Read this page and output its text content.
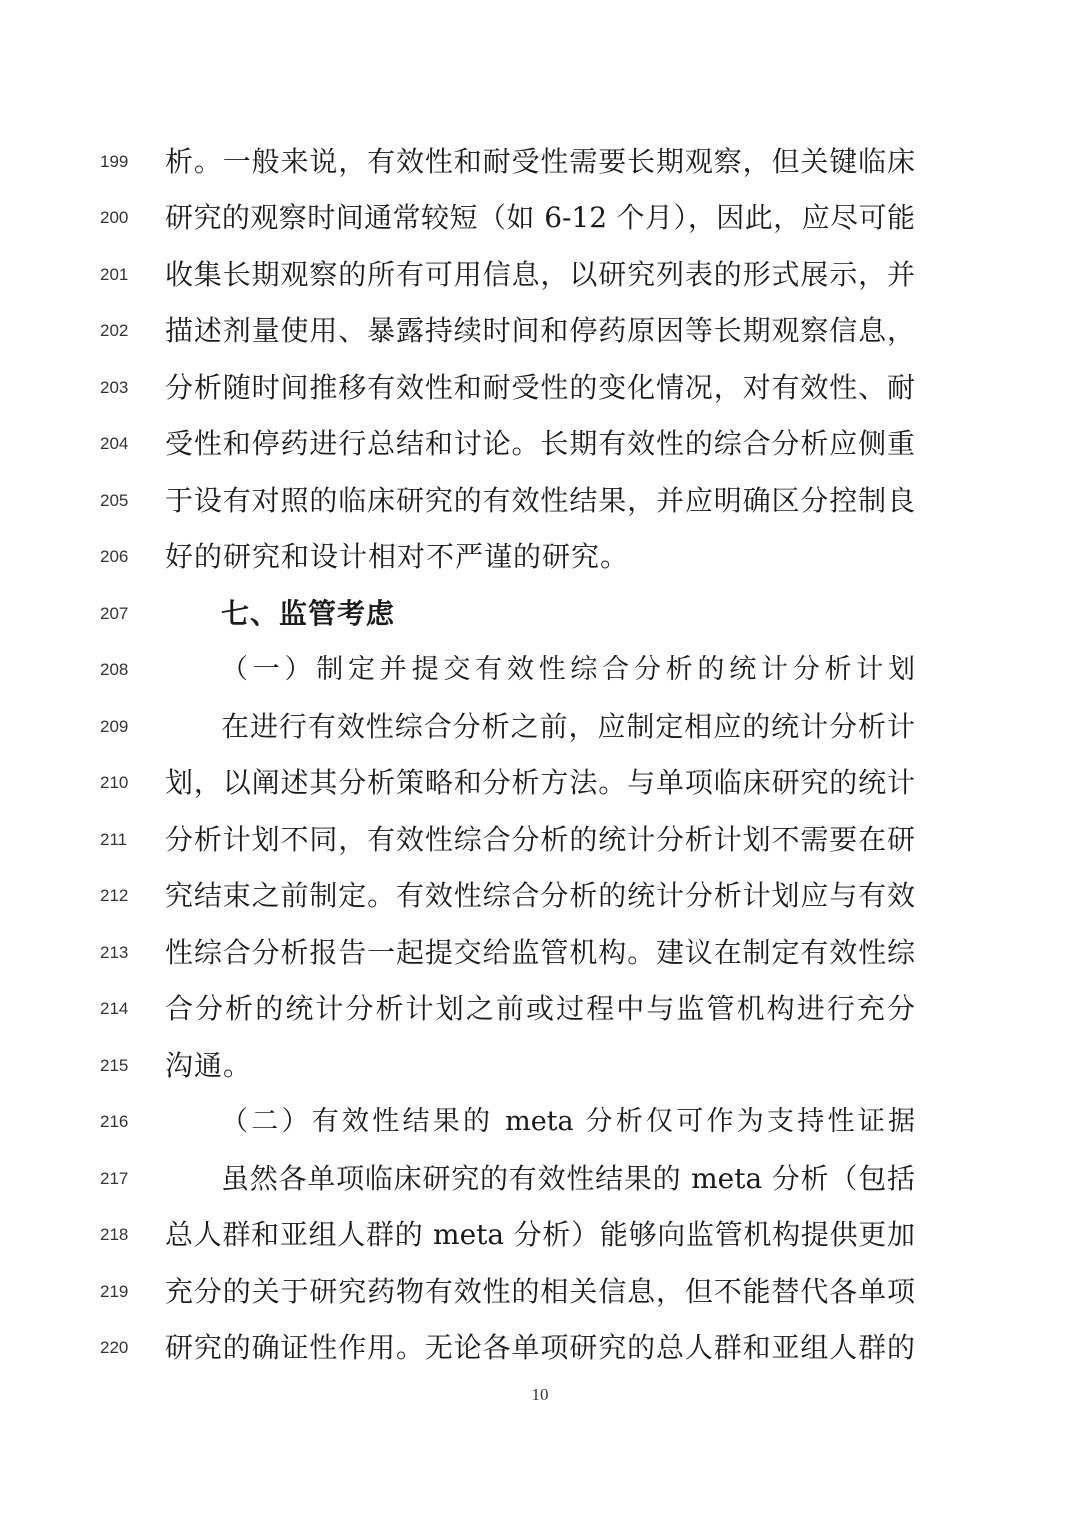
199 析。一般来说，有效性和耐受性需要长期观察，但关键临床
200 研究的观察时间通常较短（如 6-12 个月），因此，应尽可能
201 收集长期观察的所有可用信息，以研究列表的形式展示，并
202 描述剂量使用、暴露持续时间和停药原因等长期观察信息，
203 分析随时间推移有效性和耐受性的变化情况，对有效性、耐
204 受性和停药进行总结和讨论。长期有效性的综合分析应侧重
205 于设有对照的临床研究的有效性结果，并应明确区分控制良
206 好的研究和设计相对不严谨的研究。
207	七、监管考虑
208	（一）制定并提交有效性综合分析的统计分析计划
209	在进行有效性综合分析之前，应制定相应的统计分析计
210 划，以阐述其分析策略和分析方法。与单项临床研究的统计
211 分析计划不同，有效性综合分析的统计分析计划不需要在研
212 究结束之前制定。有效性综合分析的统计分析计划应与有效
213 性综合分析报告一起提交给监管机构。建议在制定有效性综
214 合分析的统计分析计划之前或过程中与监管机构进行充分
215 沟通。
216	（二）有效性结果的 meta 分析仅可作为支持性证据
217	虽然各单项临床研究的有效性结果的 meta 分析（包括
218 总人群和亚组人群的 meta 分析）能够向监管机构提供更加
219 充分的关于研究药物有效性的相关信息，但不能替代各单项
220 研究的确证性作用。无论各单项研究的总人群和亚组人群的
10
